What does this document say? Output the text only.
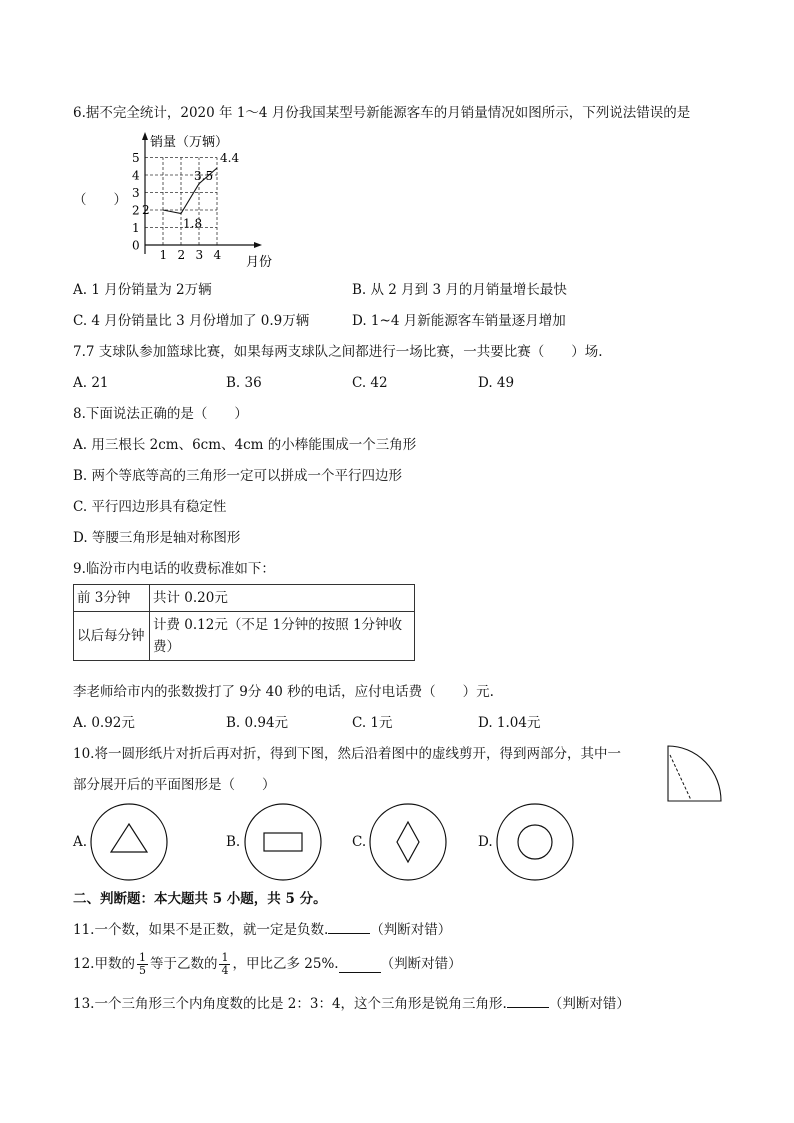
6.据不完全统计，2020 年 1～4 月份我国某型号新能源客车的月销量情况如图所示，下列说法错误的是
（　　）
销量（万辆）
月份
0
1
2
3
4
5
1 2 3 4
2
1.8
3.5
4.4
A. 1 月份销量为 2万辆	B. 从 2 月到 3 月的月销量增长最快
C. 4 月份销量比 3 月份增加了 0.9万辆	D. 1~4 月新能源客车销量逐月增加
7.7 支球队参加篮球比赛，如果每两支球队之间都进行一场比赛，一共要比赛（　　）场.
A. 21	B. 36	C. 42	D. 49
8.下面说法正确的是（　　）
A. 用三根长 2cm、6cm、4cm 的小棒能围成一个三角形
B. 两个等底等高的三角形一定可以拼成一个平行四边形
C. 平行四边形具有稳定性
D. 等腰三角形是轴对称图形
9.临汾市内电话的收费标准如下：
前 3分钟	共计 0.20元
以后每分钟	计费 0.12元（不足 1分钟的按照 1分钟收
费）
李老师给市内的张数拨打了 9分 40 秒的电话，应付电话费（　　）元.
A. 0.92元	B. 0.94元	C. 1元	D. 1.04元
10.将一圆形纸片对折后再对折，得到下图，然后沿着图中的虚线剪开，得到两部分，其中一
部分展开后的平面图形是（　　）
A.	B.	C.	D.
二、判断题：本大题共 5 小题，共 5 分。
11.一个数，如果不是正数，就一定是负数.	（判断对错）
12.甲数的 $\frac{1}{5}$ 等于乙数的 $\frac{1}{4}$ ，甲比乙多 25%.	（判断对错）
13.一个三角形三个内角度数的比是 2：3：4，这个三角形是锐角三角形.	（判断对错）
